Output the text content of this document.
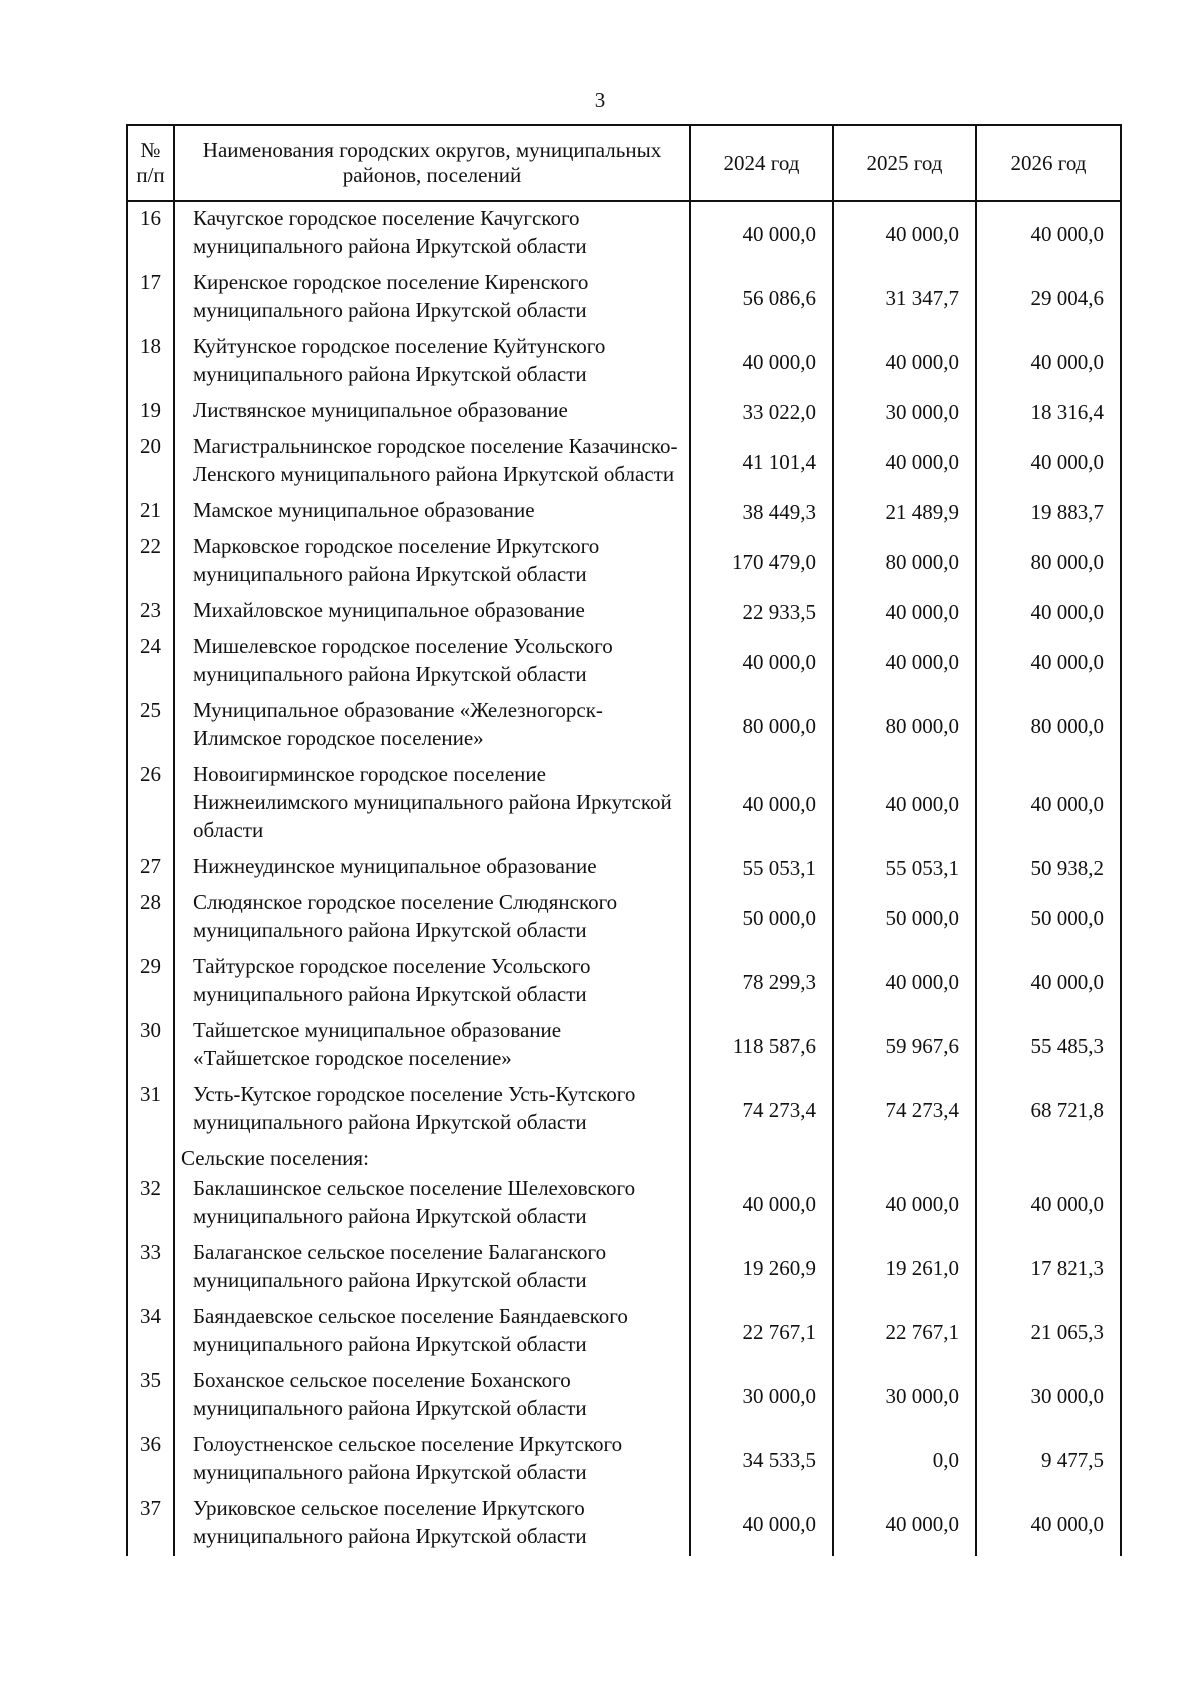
3
№ п/п	Наименования городских округов, муниципальных районов, поселений	2024 год	2025 год	2026 год
16	Качугское городское поселение Качугского муниципального района Иркутской области	40 000,0	40 000,0	40 000,0
17	Киренское городское поселение Киренского муниципального района Иркутской области	56 086,6	31 347,7	29 004,6
18	Куйтунское городское поселение Куйтунского муниципального района Иркутской области	40 000,0	40 000,0	40 000,0
19	Листвянское муниципальное образование	33 022,0	30 000,0	18 316,4
20	Магистральнинское городское поселение Казачинско-Ленского муниципального района Иркутской области	41 101,4	40 000,0	40 000,0
21	Мамское муниципальное образование	38 449,3	21 489,9	19 883,7
22	Марковское городское поселение Иркутского муниципального района Иркутской области	170 479,0	80 000,0	80 000,0
23	Михайловское муниципальное образование	22 933,5	40 000,0	40 000,0
24	Мишелевское городское поселение Усольского муниципального района Иркутской области	40 000,0	40 000,0	40 000,0
25	Муниципальное образование «Железногорск-Илимское городское поселение»	80 000,0	80 000,0	80 000,0
26	Новоигирминское городское поселение Нижнеилимского муниципального района Иркутской области	40 000,0	40 000,0	40 000,0
27	Нижнеудинское муниципальное образование	55 053,1	55 053,1	50 938,2
28	Слюдянское городское поселение Слюдянского муниципального района Иркутской области	50 000,0	50 000,0	50 000,0
29	Тайтурское городское поселение Усольского муниципального района Иркутской области	78 299,3	40 000,0	40 000,0
30	Тайшетское муниципальное образование «Тайшетское городское поселение»	118 587,6	59 967,6	55 485,3
31	Усть-Кутское городское поселение Усть-Кутского муниципального района Иркутской области	74 273,4	74 273,4	68 721,8
	Сельские поселения:			
32	Баклашинское сельское поселение Шелеховского муниципального района Иркутской области	40 000,0	40 000,0	40 000,0
33	Балаганское сельское поселение Балаганского муниципального района Иркутской области	19 260,9	19 261,0	17 821,3
34	Баяндаевское сельское поселение Баяндаевского муниципального района Иркутской области	22 767,1	22 767,1	21 065,3
35	Боханское сельское поселение Боханского муниципального района Иркутской области	30 000,0	30 000,0	30 000,0
36	Голоустненское сельское поселение Иркутского муниципального района Иркутской области	34 533,5	0,0	9 477,5
37	Уриковское сельское поселение Иркутского муниципального района Иркутской области	40 000,0	40 000,0	40 000,0
